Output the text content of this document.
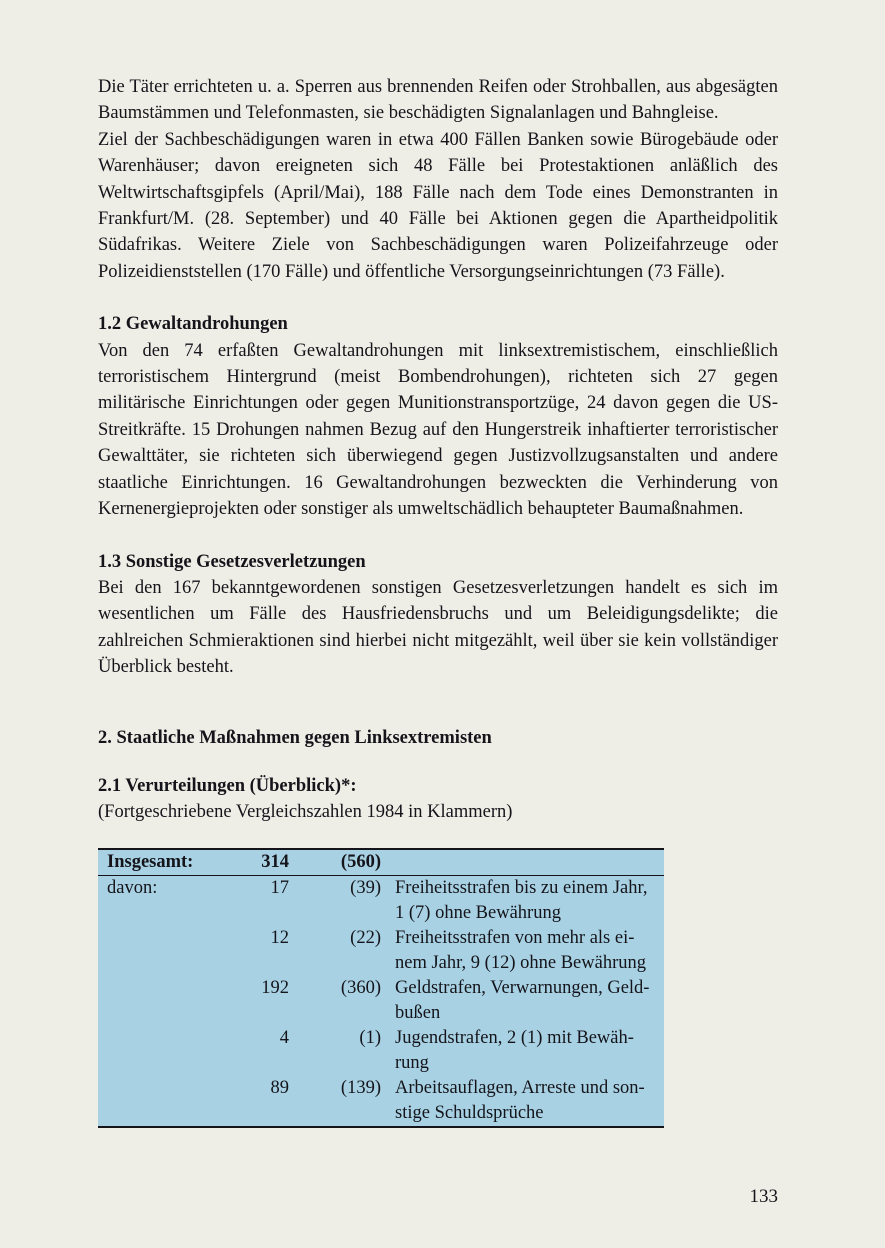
Die Täter errichteten u. a. Sperren aus brennenden Reifen oder Strohballen, aus abgesägten Baumstämmen und Telefonmasten, sie beschädigten Signalanlagen und Bahngleise.

Ziel der Sachbeschädigungen waren in etwa 400 Fällen Banken sowie Bürogebäude oder Warenhäuser; davon ereigneten sich 48 Fälle bei Protestaktionen anläßlich des Weltwirtschaftsgipfels (April/Mai), 188 Fälle nach dem Tode eines Demonstranten in Frankfurt/M. (28. September) und 40 Fälle bei Aktionen gegen die Apartheidpolitik Südafrikas. Weitere Ziele von Sachbeschädigungen waren Polizeifahrzeuge oder Polizeidienststellen (170 Fälle) und öffentliche Versorgungseinrichtungen (73 Fälle).

1.2 Gewaltandrohungen

Von den 74 erfaßten Gewaltandrohungen mit linksextremistischem, einschließlich terroristischem Hintergrund (meist Bombendrohungen), richteten sich 27 gegen militärische Einrichtungen oder gegen Munitionstransportzüge, 24 davon gegen die US-Streitkräfte. 15 Drohungen nahmen Bezug auf den Hungerstreik inhaftierter terroristischer Gewalttäter, sie richteten sich überwiegend gegen Justizvollzugsanstalten und andere staatliche Einrichtungen. 16 Gewaltandrohungen bezweckten die Verhinderung von Kernenergieprojekten oder sonstiger als umweltschädlich behaupteter Baumaßnahmen.

1.3 Sonstige Gesetzesverletzungen

Bei den 167 bekanntgewordenen sonstigen Gesetzesverletzungen handelt es sich im wesentlichen um Fälle des Hausfriedensbruchs und um Beleidigungsdelikte; die zahlreichen Schmieraktionen sind hierbei nicht mitgezählt, weil über sie kein vollständiger Überblick besteht.

2. Staatliche Maßnahmen gegen Linksextremisten
2.1 Verurteilungen (Überblick)*:

(Fortgeschriebene Vergleichszahlen 1984 in Klammern)

Insgesamt:	314	(560)	

davon:	17	(39)	Freiheitsstrafen bis zu einem Jahr,
1 (7) ohne Bewährung

	12	(22)	Freiheitsstrafen von mehr als ei-
nem Jahr, 9 (12) ohne Bewährung

	192	(360)	Geldstrafen, Verwarnungen, Geld-
bußen

	4	(1)	Jugendstrafen, 2 (1) mit Bewäh-
rung

	89	(139)	Arbeitsauflagen, Arreste und son-
stige Schuldsprüche
133
